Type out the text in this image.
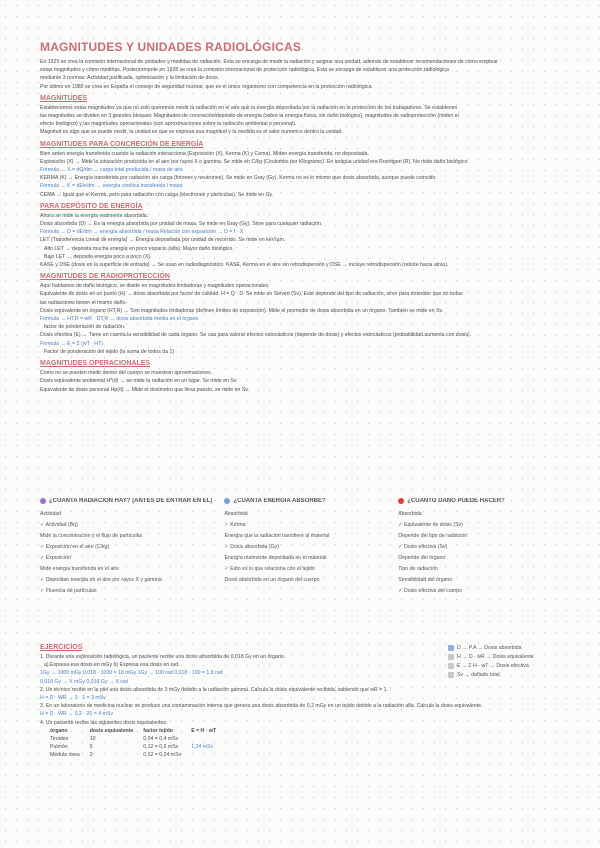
MAGNITUDES Y UNIDADES RADIOLÓGICAS
En 1925 se crea la comisión internacional de unidades y medidas de radiación. Esta se encarga de medir la radiación y asignar una unidad, además de establecer recomendaciones de cómo emplear
estas magnitudes y cómo medirlas. Posteriormente en 1928 se crea la comisión internacional de protección radiológica. Esta se encarga de establecer una protección radiológica
mediante 3 normas: Actividad justificada, optimización y la limitación de dosis.
Por último en 1980 se crea en España el consejo de seguridad nuclear, que es el único organismo con competencia en la protección radiológica.
MAGNITUDES
Establecemos estas magnitudes ya que no solo queremos medir la radiación en el aire que la energía depositada por la radiación en la protección de los trabajadores. Se establecen
las magnitudes se dividen en 3 grandes bloques: Magnitudes de concreción/depósito de energía (sobre la energía física, sin daño biológico), magnitudes de radioprotección (miden el
efecto biológico) y las magnitudes operacionales (son aproximaciones sobre la radiación ambiental o personal).
Magnitud es algo que se puede medir, la unidad es que se expresa esa magnitud y la medida es el valor numérico dentro la unidad.
MAGNITUDES PARA CONCRECIÓN DE ENERGÍA
Bien arden energía transferida cuando la radiación interacciona (Exposición (X), Kerma (K) y Cema). Miden energía transferida, no depositada.
Exposición (X) → Mide la ionización producida en el aire por rayos X o gamma. Se mide en C/kg (Coulombs por Kilogramo). En antigua unidad era Roentgen (R). No mide daño biológico.
Fórmula → X = dQ/dm → carga total producida / masa de aire
KERMA (K) → Energía transferida por radiación sin carga (fotones y neutrones). Se mide en Gray (Gy). Kerma no es lo mismo que dosis absorbida, aunque puede coincidir.
Fórmula → K = dEtr/dm → energía cinética transferida / masa
CEMA → Igual que el Kerma, pero para radiación con carga (electrones y partículas). Se mide en Gy.
PARA DEPÓSITO DE ENERGÍA
Ahora se mide la energía realmente absorbida.
Dosis absorbida (D) → Es la energía absorbida por unidad de masa. Se mide en Gray (Gy). Sirve para cualquier radiación.
Fórmula → D = dE/dm → energía absorbida / masa Relación con exposición → D = f · X
LET (Transferencia Lineal de energía) → Energía depositada por unidad de recorrido. Se mide en keV/µm.
Alto LET → deposita mucha energía en poco espacio (alfa). Mayor daño biológico.
Bajo LET → deposita energía poco a poco (X).
KASE y DSE (dosis en la superficie de entrada) → Se usan en radiodiagnóstico. KASE, Kerma en el aire sin retrodispersión y DSE → incluye retrodispersión (rebote hacia atrás).
MAGNITUDES DE RADIOPROTECCIÓN
Aquí hablamos de daño biológico, se divide en magnitudes limitadoras y magnitudes operacionales.
Equivalente de dosis en un punto (H) → dosis absorbida por factor de calidad. H = Q · D. Se mide en Sievert (Sv). Este depende del tipo de radiación, sirve para entender que no todas
las radiaciones tienen el mismo daño.
Dosis equivalente en órgano (HT,R) → Son magnitudes limitadoras (definen límites de exposición). Mide el promedio de dosis absorbida en un órgano. También se mide en Sv.
Fórmula → HT,R = wR · DT,R → dosis absorbida media en el órgano
factor de ponderación de radiación.
Dosis efectiva (E) → Tiene en cuenta la sensibilidad de cada órgano. Se usa para valorar efectos estocásticos (depende de dosis) y efectos estocásticos (probabilidad aumenta con dosis).
Fórmula → E = Σ (wT · HT)
Factor de ponderación del tejido (la suma de todos da 1)
MAGNITUDES OPERACIONALES
Como no se pueden medir dentro del cuerpo se muestran aproximaciones.
Dosis equivalente ambiental H*(d) → se mide la radiación en un lugar. Se mide en Sv.
Equivalente de dosis personal Hp(d) → Mide el dosímetro que lleva puesto, se mide en Sv.
¿CUÁNTA RADIACIÓN HAY? (ANTES DE ENTRAR EN EL)
Actividad
✓ Actividad (Bq)
Mide la concentración y el flujo de partículas
✓ Exposición en el aire (C/kg)
✓ Exposición
Mide energía transferida en el aire
✓ Depositan energía en el aire por rayos X y gamma
✓ Fluencia de partículas
¿CUÁNTA ENERGÍA ABSORBE?
Absorbida
✓ Kerma
Energía que la radiación transfiere al material
✓ Dosis absorbida (Gy)
Energía realmente depositada en el material
✓ Esto es lo que relaciona con el tejido
Dosis absorbida en un órgano del cuerpo
¿CUÁNTO DAÑO PUEDE HACER?
Absorbida
✓ Equivalente de dosis (Sv)
Depende del tipo de radiación
✓ Dosis efectiva (Sv)
Depende del órgano
Tipo de radiación
Sensibilidad del órgano
✓ Dosis efectiva del cuerpo
EJERCICIOS
1. Durante una exploración radiológica, un paciente recibe una dosis absorbida de 0,018 Gy en un órgano.
a) Expresa esa dosis en mGy b) Expresa esa dosis en rad.
1Gy → 1000 mGy 0,018 · 1000 = 18 mGy 1Gy → 100 rad 0,018 · 100 = 1,8 rad
0,018 Gy → X mGy 0,018 Gy → X rad
2. Un técnico recibe en la piel una dosis absorbida de 3 mGy debido a la radiación gamma. Calcula la dosis equivalente recibida, sabiendo que wR = 1.
H = D · WR → 3 · 1 = 3 mSv
3. En un laboratorio de medicina nuclear se produce una contaminación interna que genera una dosis absorbida de 0,2 mGy en un tejido debido a la radiación alfa. Calcula la dosis equivalente.
H = D · WR → 0,2 · 20 = 4 mSv
4. Un paciente recibe las siguientes dosis equivalentes:
órgano	dosis equivalente	factor tejido	E = H · wT
Tiroides	10	0,04 = 0,4 mSv	
Pulmón	5	0,12 = 0,6 mSv	1,24 mSv
Médula ósea	2	0,12 = 0,24 mSv	
D → P.A → Dosis absorbida
H → D · wR → Dosis equivalente
E → Σ H · wT → Dosis efectiva
Sv → dañado total
